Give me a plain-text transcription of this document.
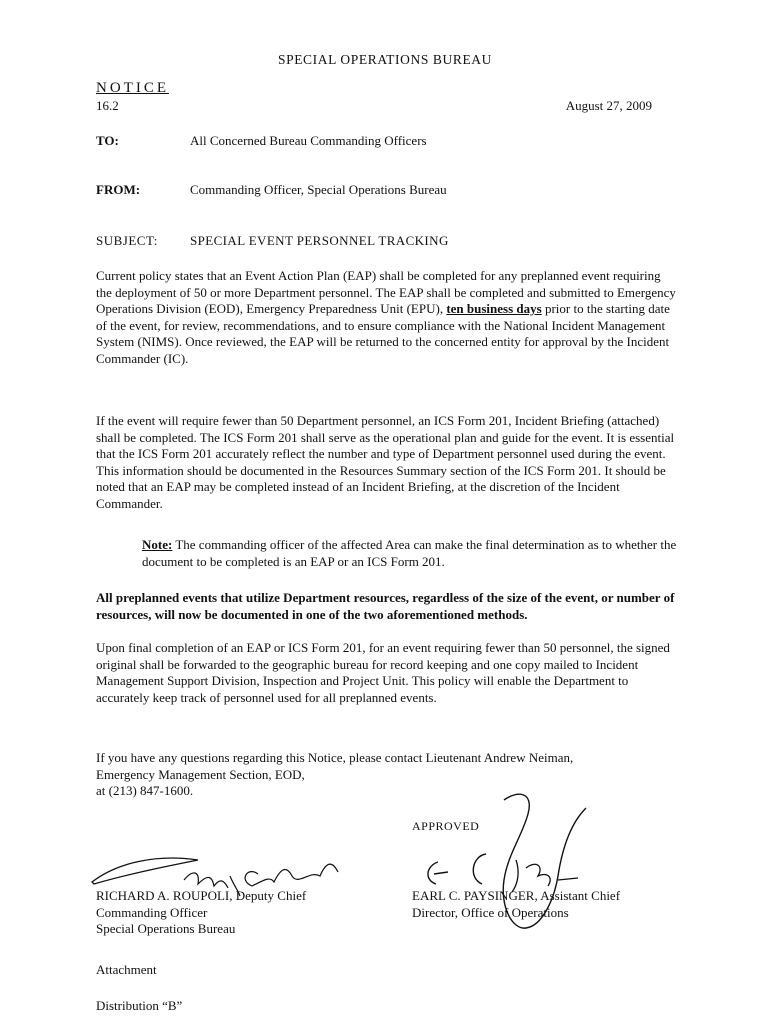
SPECIAL OPERATIONS BUREAU
NOTICE
16.2	August 27, 2009
TO:	All Concerned Bureau Commanding Officers
FROM:	Commanding Officer, Special Operations Bureau
SUBJECT: SPECIAL EVENT PERSONNEL TRACKING

Current policy states that an Event Action Plan (EAP) shall be completed for any preplanned event requiring the deployment of 50 or more Department personnel. The EAP shall be completed and submitted to Emergency Operations Division (EOD), Emergency Preparedness Unit (EPU), ten business days prior to the starting date of the event, for review, recommendations, and to ensure compliance with the National Incident Management System (NIMS). Once reviewed, the EAP will be returned to the concerned entity for approval by the Incident Commander (IC).

If the event will require fewer than 50 Department personnel, an ICS Form 201, Incident Briefing (attached) shall be completed. The ICS Form 201 shall serve as the operational plan and guide for the event. It is essential that the ICS Form 201 accurately reflect the number and type of Department personnel used during the event. This information should be documented in the Resources Summary section of the ICS Form 201. It should be noted that an EAP may be completed instead of an Incident Briefing, at the discretion of the Incident Commander.

Note: The commanding officer of the affected Area can make the final determination as to whether the document to be completed is an EAP or an ICS Form 201.

All preplanned events that utilize Department resources, regardless of the size of the event, or number of resources, will now be documented in one of the two aforementioned methods.

Upon final completion of an EAP or ICS Form 201, for an event requiring fewer than 50 personnel, the signed original shall be forwarded to the geographic bureau for record keeping and one copy mailed to Incident Management Support Division, Inspection and Project Unit. This policy will enable the Department to accurately keep track of personnel used for all preplanned events.

If you have any questions regarding this Notice, please contact Lieutenant Andrew Neiman,
Emergency Management Section, EOD,
at (213) 847-1600.
APPROVED
RICHARD A. ROUPOLI, Deputy Chief
Commanding Officer
Special Operations Bureau
EARL C. PAYSINGER, Assistant Chief
Director, Office of Operations
Attachment
Distribution “B”
